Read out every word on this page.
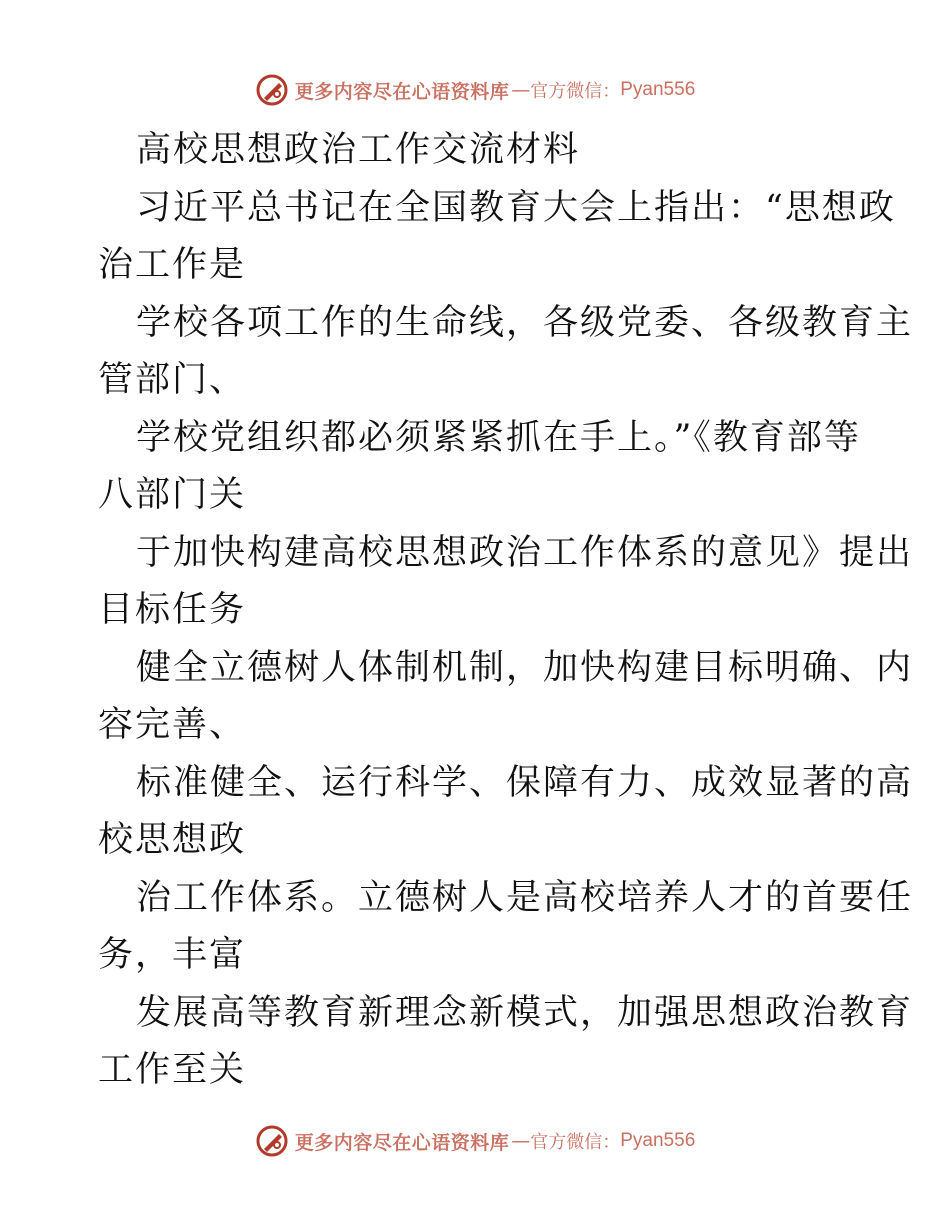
更多内容尽在心语资料库 — 官方微信： Pyan556
高校思想政治工作交流材料
习近平总书记在全国教育大会上指出：“思想政
治工作是
学校各项工作的生命线，各级党委、各级教育主
管部门、
学校党组织都必须紧紧抓在手上。”《教育部等
八部门关
于加快构建高校思想政治工作体系的意见》提出
目标任务
健全立德树人体制机制，加快构建目标明确、内
容完善、
标准健全、运行科学、保障有力、成效显著的高
校思想政
治工作体系。立德树人是高校培养人才的首要任
务，丰富
发展高等教育新理念新模式，加强思想政治教育
工作至关
更多内容尽在心语资料库 — 官方微信： Pyan556
